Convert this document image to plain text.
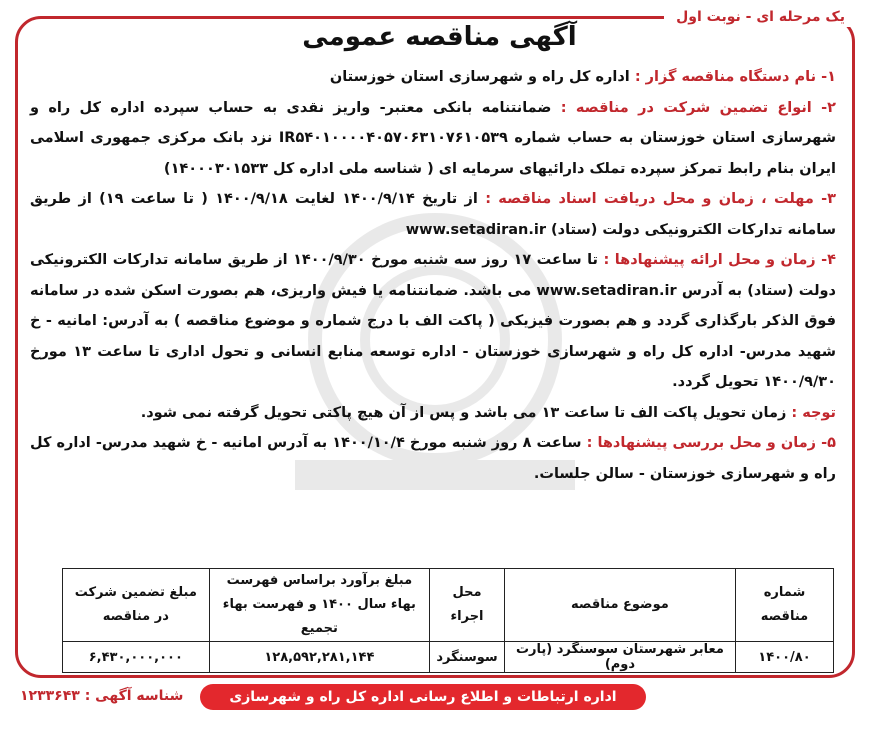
یک مرحله ای - نوبت اول
آگهی مناقصه عمومی

۱- نام دستگاه مناقصه گزار : اداره کل راه و شهرسازی استان خوزستان

۲- انواع تضمین شرکت در مناقصه : ضمانتنامه بانکی معتبر- واریز نقدی به حساب سپرده اداره کل راه و شهرسازی استان خوزستان به حساب شماره IR۵۴۰۱۰۰۰۰۴۰۵۷۰۶۳۱۰۷۶۱۰۵۳۹ نزد بانک مرکزی جمهوری اسلامی ایران بنام رابط تمرکز سپرده تملک دارائیهای سرمایه ای ( شناسه ملی اداره کل ۱۴۰۰۰۳۰۱۵۳۳)

۳- مهلت ، زمان و محل دریافت اسناد مناقصه : از تاریخ ۱۴۰۰/۹/۱۴ لغایت ۱۴۰۰/۹/۱۸ ( تا ساعت ۱۹) از طریق سامانه تدارکات الکترونیکی دولت (ستاد) www.setadiran.ir

۴- زمان و محل ارائه پیشنهادها : تا ساعت ۱۷ روز سه شنبه مورخ ۱۴۰۰/۹/۳۰ از طریق سامانه تدارکات الکترونیکی دولت (ستاد) به آدرس www.setadiran.ir می باشد. ضمانتنامه یا فیش واریزی، هم بصورت اسکن شده در سامانه فوق الذکر بارگذاری گردد و هم بصورت فیزیکی ( پاکت الف با درج شماره و موضوع مناقصه ) به آدرس: امانیه - خ شهید مدرس- اداره کل راه و شهرسازی خوزستان - اداره توسعه منابع انسانی و تحول اداری تا ساعت ۱۳ مورخ ۱۴۰۰/۹/۳۰ تحویل گردد.

توجه : زمان تحویل پاکت الف تا ساعت ۱۳ می باشد و پس از آن هیچ پاکتی تحویل گرفته نمی شود.

۵- زمان و محل بررسی پیشنهادها : ساعت ۸ روز شنبه مورخ ۱۴۰۰/۱۰/۴ به آدرس امانیه - خ شهید مدرس- اداره کل راه و شهرسازی خوزستان - سالن جلسات.

شماره مناقصه	موضوع مناقصه	محل اجراء	مبلغ برآورد براساس فهرست بهاء سال ۱۴۰۰ و فهرست بهاء تجمیع	مبلغ تضمین شرکت در مناقصه
۱۴۰۰/۸۰	معابر شهرستان سوسنگرد (پارت دوم)	سوسنگرد	۱۲۸,۵۹۲,۲۸۱,۱۴۴	۶,۴۳۰,۰۰۰,۰۰۰
اداره ارتباطات و اطلاع رسانی اداره کل راه و شهرسازی خوزستان
شناسه آگهی : ۱۲۳۳۶۴۳
